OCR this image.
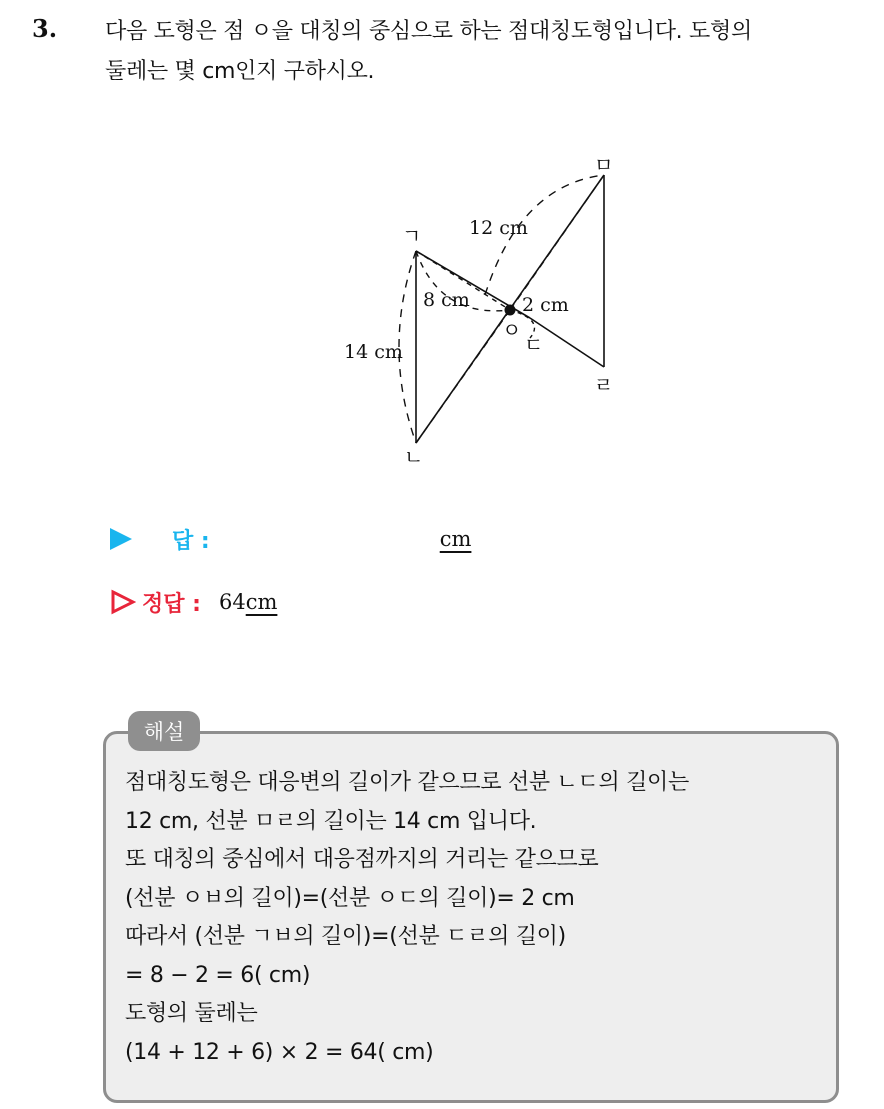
3. 다음 도형은 점 ㅇ을 대칭의 중심으로 하는 점대칭도형입니다. 도형의
둘레는 몇 cm인지 구하시오.
ㄱ
ㄴ
ㄷ
ㄹ
ㅁ
ㅇ
12 cm
14 cm
8 cm	2 cm
답 :	cm
정답 : 64 cm
해설
점대칭도형은 대응변의 길이가 같으므로 선분 ㄴㄷ의 길이는
12 cm, 선분 ㅁㄹ의 길이는 14 cm 입니다.
또 대칭의 중심에서 대응점까지의 거리는 같으므로
(선분 ㅇㅂ의 길이)=(선분 ㅇㄷ의 길이)= 2 cm
따라서 (선분 ㄱㅂ의 길이)=(선분 ㄷㄹ의 길이)
= 8 − 2 = 6( cm)
도형의 둘레는
(14 + 12 + 6) × 2 = 64( cm)
